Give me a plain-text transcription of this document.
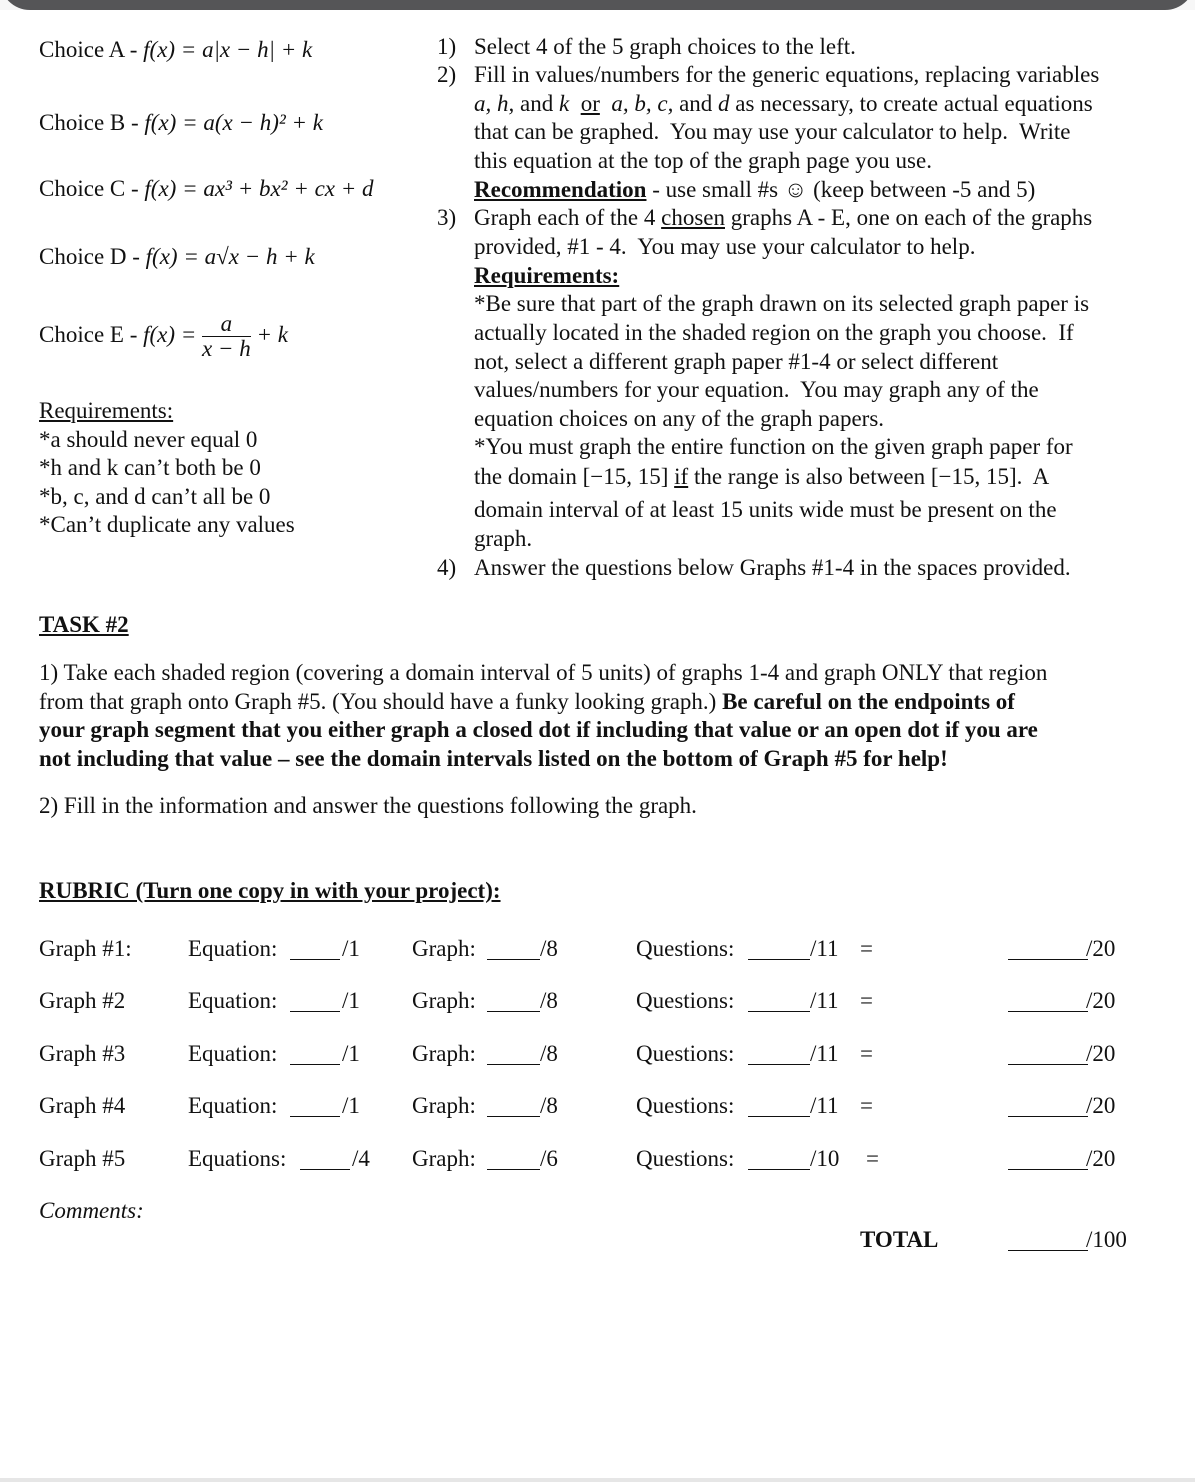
Choice A - f(x) = a|x − h| + k
Choice B - f(x) = a(x − h)² + k
Choice C - f(x) = ax³ + bx² + cx + d
Choice D - f(x) = a√x − h + k
Choice $E - f(x) = \frac{a}{x - h} + k$
Requirements:
*a should never equal 0
*h and k can’t both be 0
*b, c, and d can’t all be 0
*Can’t duplicate any values
1) Select 4 of the 5 graph choices to the left.
2) Fill in values/numbers for the generic equations, replacing variables
a, h, and k or a, b, c, and d as necessary, to create actual equations
that can be graphed.  You may use your calculator to help.  Write
this equation at the top of the graph page you use.
Recommendation - use small #s ☺ (keep between -5 and 5)
3) Graph each of the 4 chosen graphs A - E, one on each of the graphs
provided, #1 - 4.  You may use your calculator to help.
Requirements:
*Be sure that part of the graph drawn on its selected graph paper is
actually located in the shaded region on the graph you choose.  If
not, select a different graph paper #1-4 or select different
values/numbers for your equation.  You may graph any of the
equation choices on any of the graph papers.
*You must graph the entire function on the given graph paper for
the domain [−15, 15] if the range is also between [−15, 15].  A
domain interval of at least 15 units wide must be present on the
graph.
4) Answer the questions below Graphs #1-4 in the spaces provided.
TASK #2
1) Take each shaded region (covering a domain interval of 5 units) of graphs 1-4 and graph ONLY that region
from that graph onto Graph #5. (You should have a funky looking graph.) Be careful on the endpoints of
your graph segment that you either graph a closed dot if including that value or an open dot if you are
not including that value – see the domain intervals listed on the bottom of Graph #5 for help!
2) Fill in the information and answer the questions following the graph.
RUBRIC (Turn one copy in with your project):
Graph #1: Equation:	/1 Graph:	/8	Questions:	/11 =	/20
Graph #2	Equation:	/1 Graph:	/8	Questions:	/11 =	/20
Graph #3	Equation:	/1 Graph:	/8	Questions:	/11 =	/20
Graph #4	Equation:	/1 Graph:	/8	Questions:	/11 =	/20
Graph #5	Equations:	/4 Graph:	/6	Questions:	/10 =	/20
Comments:
TOTAL	/100
